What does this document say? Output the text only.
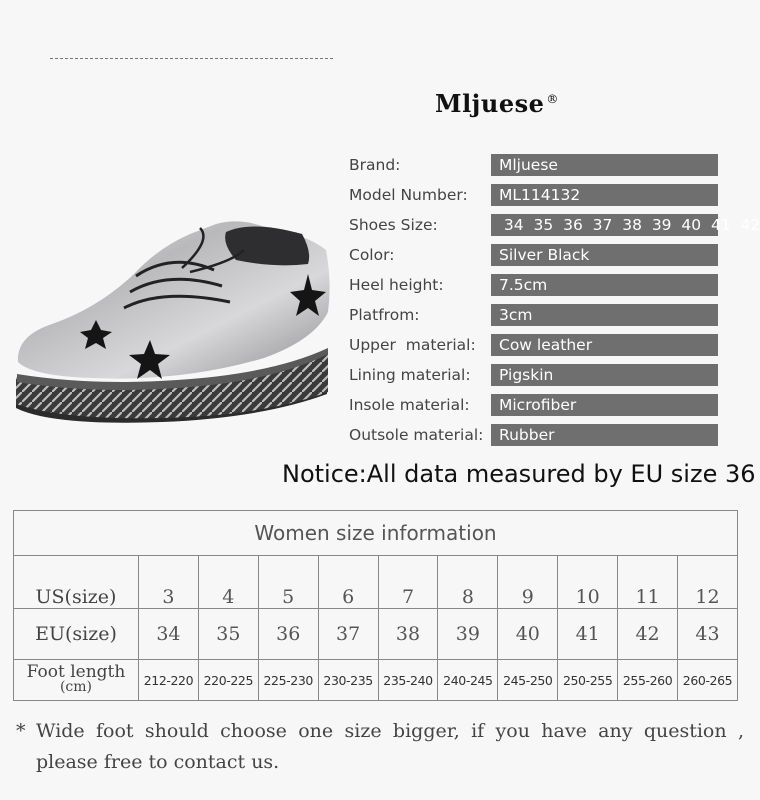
Mljuese ®
Brand:	Mljuese
Model Number:	ML114132
Shoes Size:	34  35  36  37  38  39  40  41  42
Color:	Silver Black
Heel height:	7.5cm
Platfrom:	3cm
Upper  material:	Cow leather
Lining material:	Pigskin
Insole material:	Microfiber
Outsole material:	Rubber
Notice:All data measured by EU size 36
Women size information										
US(size)	3	4	5	6	7	8	9	10	11	12
EU(size)	34	35	36	37	38	39	40	41	42	43

Foot length
(cm)	212-220	220-225	225-230	230-235	235-240	240-245	245-250	250-255	255-260	260-265
* Wide foot should choose one size bigger, if you have any question ,
please free to contact us.
